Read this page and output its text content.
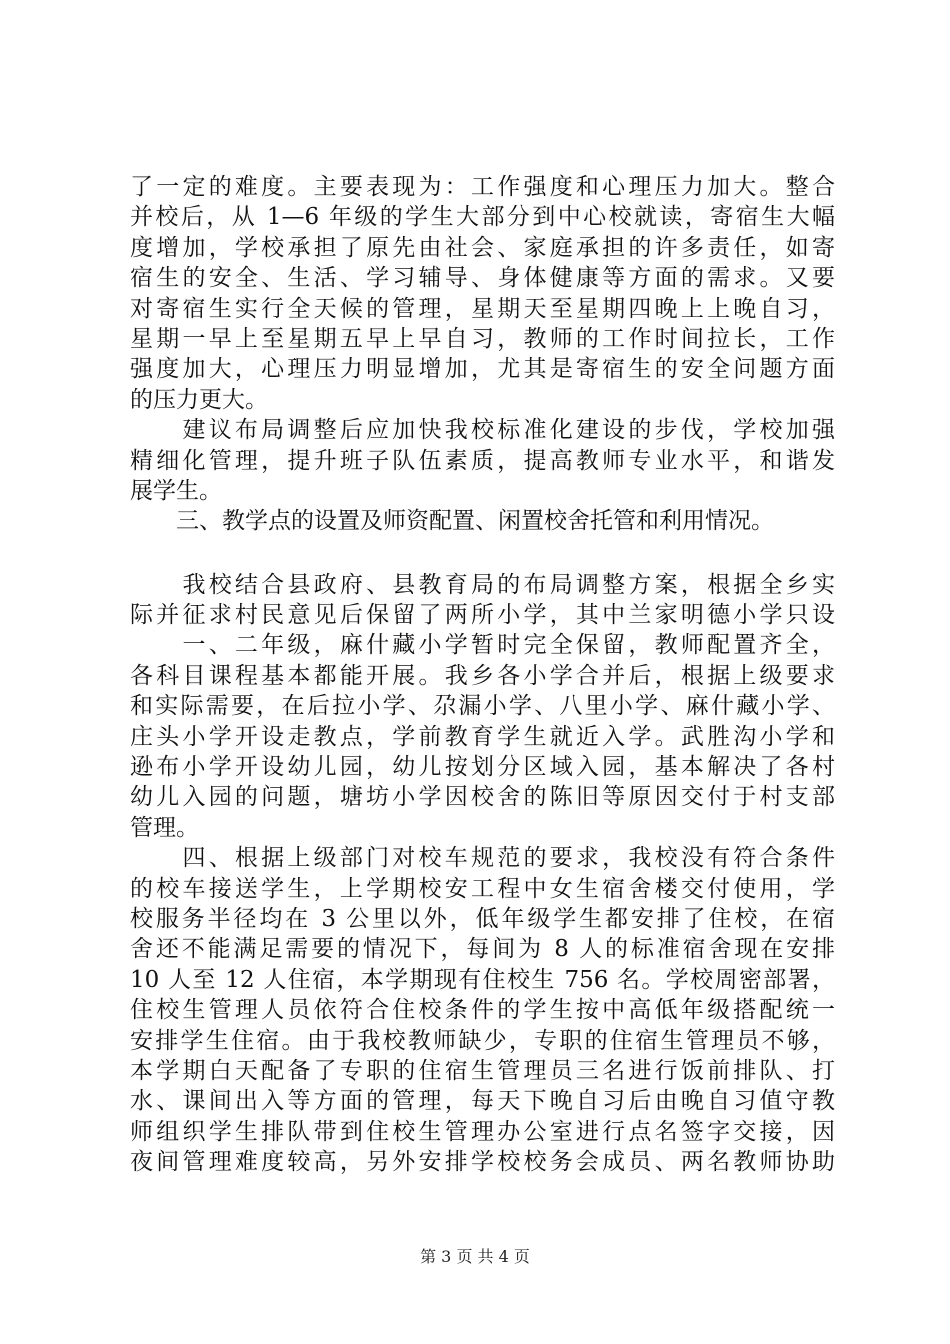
了一定的难度。主要表现为：工作强度和心理压力加大。整合
并校后，从 1—6 年级的学生大部分到中心校就读，寄宿生大幅
度增加，学校承担了原先由社会、家庭承担的许多责任，如寄
宿生的安全、生活、学习辅导、身体健康等方面的需求。又要
对寄宿生实行全天候的管理，星期天至星期四晚上上晚自习，
星期一早上至星期五早上早自习，教师的工作时间拉长，工作
强度加大，心理压力明显增加，尤其是寄宿生的安全问题方面
的压力更大。
　　建议布局调整后应加快我校标准化建设的步伐，学校加强
精细化管理，提升班子队伍素质，提高教师专业水平，和谐发
展学生。
　　三、教学点的设置及师资配置、闲置校舍托管和利用情况。
　　我校结合县政府、县教育局的布局调整方案，根据全乡实
际并征求村民意见后保留了两所小学，其中兰家明德小学只设
　　一、二年级，麻什藏小学暂时完全保留，教师配置齐全，
各科目课程基本都能开展。我乡各小学合并后，根据上级要求
和实际需要，在后拉小学、尕漏小学、八里小学、麻什藏小学、
庄头小学开设走教点，学前教育学生就近入学。武胜沟小学和
逊布小学开设幼儿园，幼儿按划分区域入园，基本解决了各村
幼儿入园的问题，塘坊小学因校舍的陈旧等原因交付于村支部
管理。
　　四、根据上级部门对校车规范的要求，我校没有符合条件
的校车接送学生，上学期校安工程中女生宿舍楼交付使用，学
校服务半径均在 3 公里以外，低年级学生都安排了住校，在宿
舍还不能满足需要的情况下，每间为 8 人的标准宿舍现在安排
10 人至 12 人住宿，本学期现有住校生 756 名。学校周密部署，
住校生管理人员依符合住校条件的学生按中高低年级搭配统一
安排学生住宿。由于我校教师缺少，专职的住宿生管理员不够，
本学期白天配备了专职的住宿生管理员三名进行饭前排队、打
水、课间出入等方面的管理，每天下晚自习后由晚自习值守教
师组织学生排队带到住校生管理办公室进行点名签字交接，因
夜间管理难度较高，另外安排学校校务会成员、两名教师协助
第 3 页 共 4 页
